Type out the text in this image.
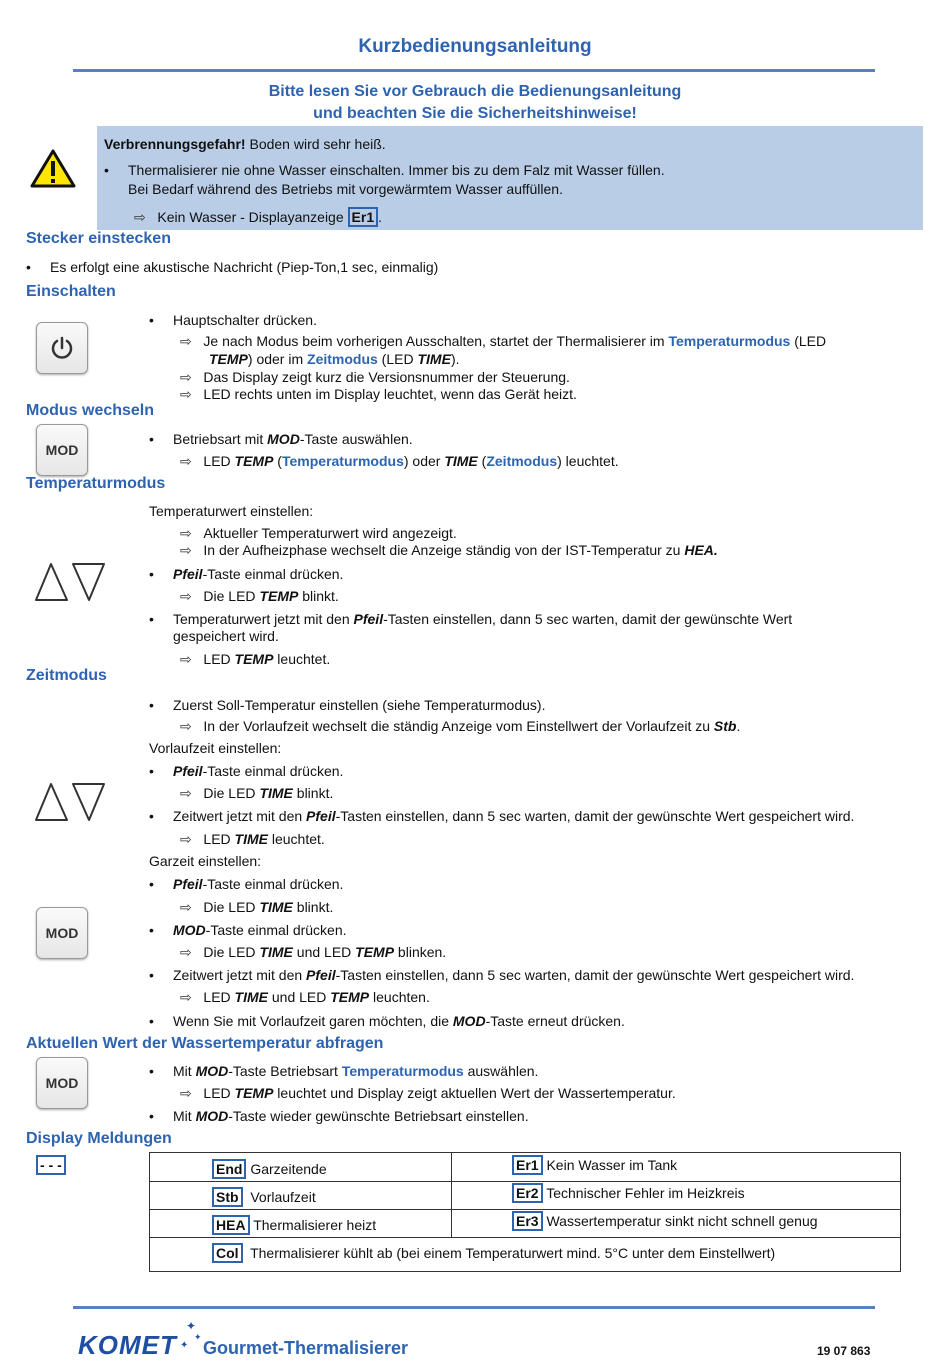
Kurzbedienungsanleitung
Bitte lesen Sie vor Gebrauch die Bedienungsanleitung
und beachten Sie die Sicherheitshinweise!
Verbrennungsgefahr! Boden wird sehr heiß.
• Thermalisierer nie ohne Wasser einschalten. Immer bis zu dem Falz mit Wasser füllen.
Bei Bedarf während des Betriebs mit vorgewärmtem Wasser auffüllen.
⇨ Kein Wasser - Displayanzeige Er1 .
Stecker einstecken
• Es erfolgt eine akustische Nachricht (Piep-Ton,1 sec, einmalig)
Einschalten
• Hauptschalter drücken.
⇨ Je nach Modus beim vorherigen Ausschalten, startet der Thermalisierer im Temperaturmodus (LED
TEMP) oder im Zeitmodus (LED TIME).
⇨ Das Display zeigt kurz die Versionsnummer der Steuerung.
⇨ LED rechts unten im Display leuchtet, wenn das Gerät heizt.
Modus wechseln
MOD
• Betriebsart mit MOD-Taste auswählen.
⇨ LED TEMP (Temperaturmodus) oder TIME (Zeitmodus) leuchtet.
Temperaturmodus
Temperaturwert einstellen:
⇨ Aktueller Temperaturwert wird angezeigt.
⇨ In der Aufheizphase wechselt die Anzeige ständig von der IST-Temperatur zu HEA.
• Pfeil-Taste einmal drücken.
⇨ Die LED TEMP blinkt.
• Temperaturwert jetzt mit den Pfeil-Tasten einstellen, dann 5 sec warten, damit der gewünschte Wert
gespeichert wird.
⇨ LED TEMP leuchtet.
Zeitmodus
• Zuerst Soll-Temperatur einstellen (siehe Temperaturmodus).
⇨ In der Vorlaufzeit wechselt die ständig Anzeige vom Einstellwert der Vorlaufzeit zu Stb.
Vorlaufzeit einstellen:
• Pfeil-Taste einmal drücken.
⇨ Die LED TIME blinkt.
• Zeitwert jetzt mit den Pfeil-Tasten einstellen, dann 5 sec warten, damit der gewünschte Wert gespeichert wird.
⇨ LED TIME leuchtet.
Garzeit einstellen:
• Pfeil-Taste einmal drücken.
MOD
⇨ Die LED TIME blinkt.
• MOD-Taste einmal drücken.
⇨ Die LED TIME und LED TEMP blinken.
• Zeitwert jetzt mit den Pfeil-Tasten einstellen, dann 5 sec warten, damit der gewünschte Wert gespeichert wird.
⇨ LED TIME und LED TEMP leuchten.
• Wenn Sie mit Vorlaufzeit garen möchten, die MOD-Taste erneut drücken.
Aktuellen Wert der Wassertemperatur abfragen
MOD
• Mit MOD-Taste Betriebsart Temperaturmodus auswählen.
⇨ LED TEMP leuchtet und Display zeigt aktuellen Wert der Wassertemperatur.
• Mit MOD-Taste wieder gewünschte Betriebsart einstellen.
Display Meldungen
- - -	End Garzeitende
Stb Vorlaufzeit
HEA Thermalisierer heizt
Er1 Kein Wasser im Tank
Er2 Technischer Fehler im Heizkreis
Er3 Wassertemperatur sinkt nicht schnell genug
Col Thermalisierer kühlt ab (bei einem Temperaturwert mind. 5°C unter dem Einstellwert)
KOMET
✦
✦
✦ Gourmet-Thermalisierer	19 07 863
